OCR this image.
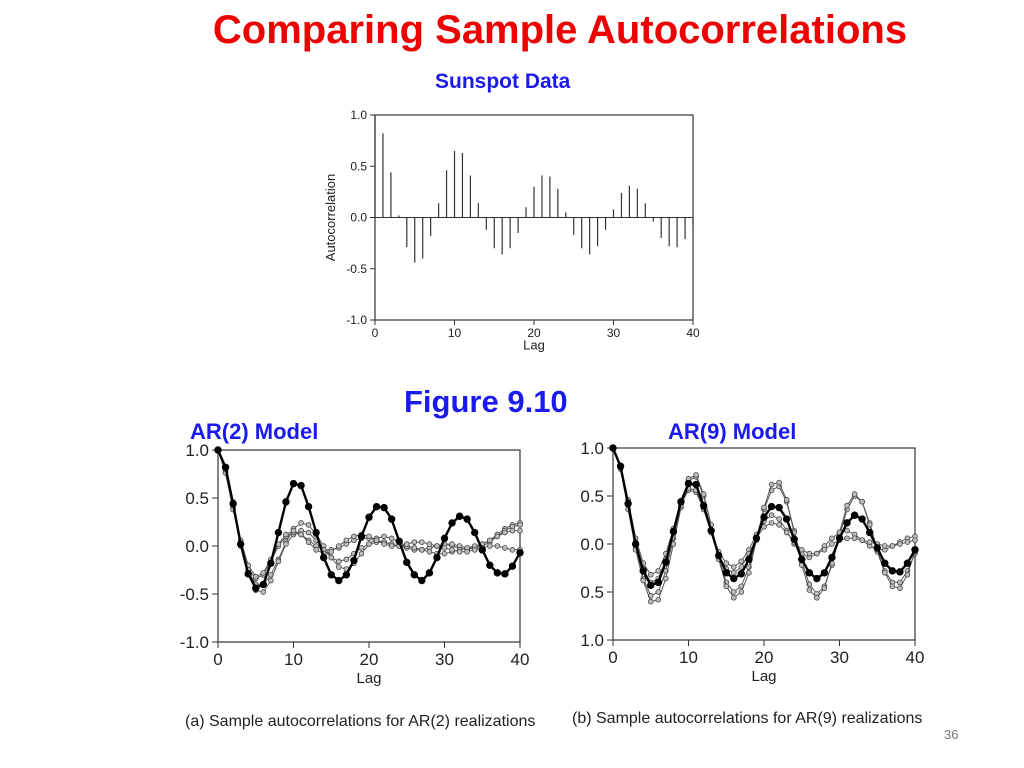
Comparing Sample Autocorrelations
Sunspot Data
-1.0
-0.5
0.0
0.5
1.0
0	10	20	30	40
Lag
Autocorrelation
Figure 9.10
AR(2) Model	AR(9) Model
-1.0
-0.5
0.0
0.5
1.0
0	10	20	30	40
Lag
1.0
0.5
0.0
0.5
1.0
0	10	20	30	40
Lag
(a) Sample autocorrelations for AR(2) realizations (b) Sample autocorrelations for AR(9) realizations
36
